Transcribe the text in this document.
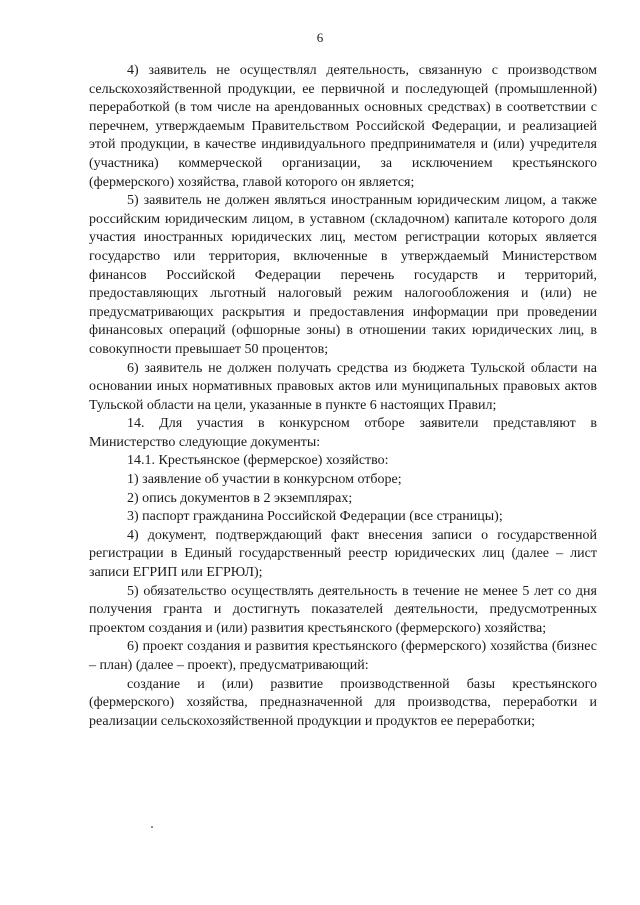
6

4) заявитель не осуществлял деятельность, связанную с производством сельскохозяйственной продукции, ее первичной и последующей (промышленной) переработкой (в том числе на арендованных основных средствах) в соответствии с перечнем, утверждаемым Правительством Российской Федерации, и реализацией этой продукции, в качестве индивидуального предпринимателя и (или) учредителя (участника) коммерческой организации, за исключением крестьянского (фермерского) хозяйства, главой которого он является;

5) заявитель не должен являться иностранным юридическим лицом, а также российским юридическим лицом, в уставном (складочном) капитале которого доля участия иностранных юридических лиц, местом регистрации которых является государство или территория, включенные в утверждаемый Министерством финансов Российской Федерации перечень государств и территорий, предоставляющих льготный налоговый режим налогообложения и (или) не предусматривающих раскрытия и предоставления информации при проведении финансовых операций (офшорные зоны) в отношении таких юридических лиц, в совокупности превышает 50 процентов;

6) заявитель не должен получать средства из бюджета Тульской области на основании иных нормативных правовых актов или муниципальных правовых актов Тульской области на цели, указанные в пункте 6 настоящих Правил;

14. Для участия в конкурсном отборе заявители представляют в Министерство следующие документы:

14.1. Крестьянское (фермерское) хозяйство:

1) заявление об участии в конкурсном отборе;

2) опись документов в 2 экземплярах;

3) паспорт гражданина Российской Федерации (все страницы);

4) документ, подтверждающий факт внесения записи о государственной регистрации в Единый государственный реестр юридических лиц (далее – лист записи ЕГРИП или ЕГРЮЛ);

5) обязательство осуществлять деятельность в течение не менее 5 лет со дня получения гранта и достигнуть показателей деятельности, предусмотренных проектом создания и (или) развития крестьянского (фермерского) хозяйства;

6) проект создания и развития крестьянского (фермерского) хозяйства (бизнес – план) (далее – проект), предусматривающий:

создание и (или) развитие производственной базы крестьянского (фермерского) хозяйства, предназначенной для производства, переработки и реализации сельскохозяйственной продукции и продуктов ее переработки;
